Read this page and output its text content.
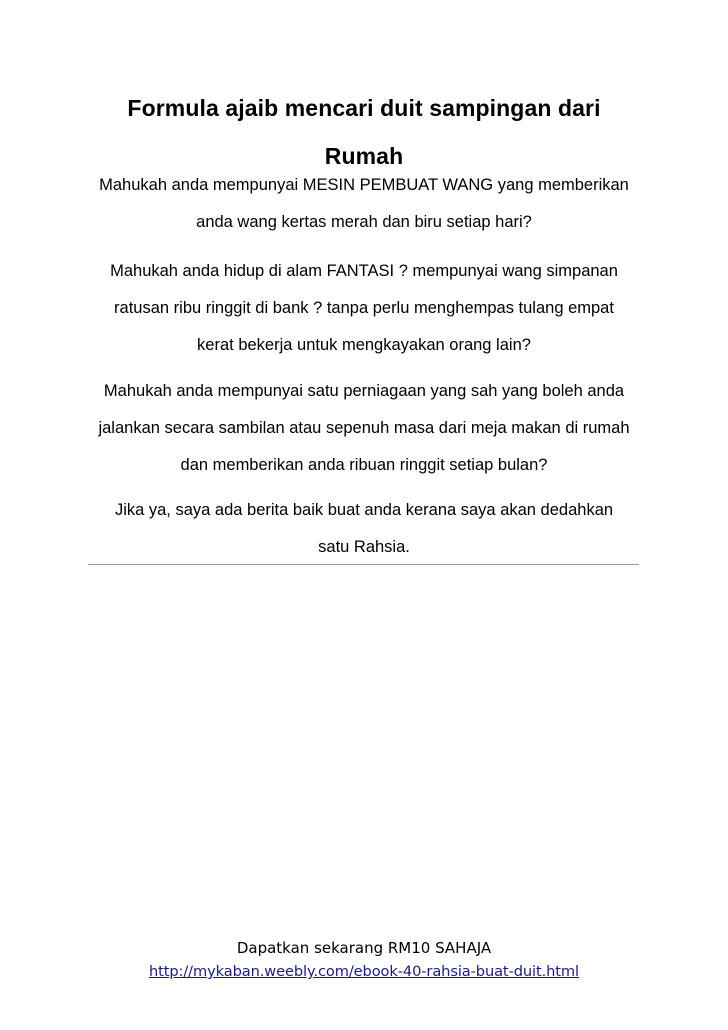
Formula ajaib mencari duit sampingan dari
Rumah

Mahukah anda mempunyai MESIN PEMBUAT WANG yang memberikan
anda wang kertas merah dan biru setiap hari?

Mahukah anda hidup di alam FANTASI ? mempunyai wang simpanan
ratusan ribu ringgit di bank ? tanpa perlu menghempas tulang empat
kerat bekerja untuk mengkayakan orang lain?

Mahukah anda mempunyai satu perniagaan yang sah yang boleh anda
jalankan secara sambilan atau sepenuh masa dari meja makan di rumah
dan memberikan anda ribuan ringgit setiap bulan?

Jika ya, saya ada berita baik buat anda kerana saya akan dedahkan
satu Rahsia.

Dapatkan sekarang RM10 SAHAJA
http://mykaban.weebly.com/ebook-40-rahsia-buat-duit.html
